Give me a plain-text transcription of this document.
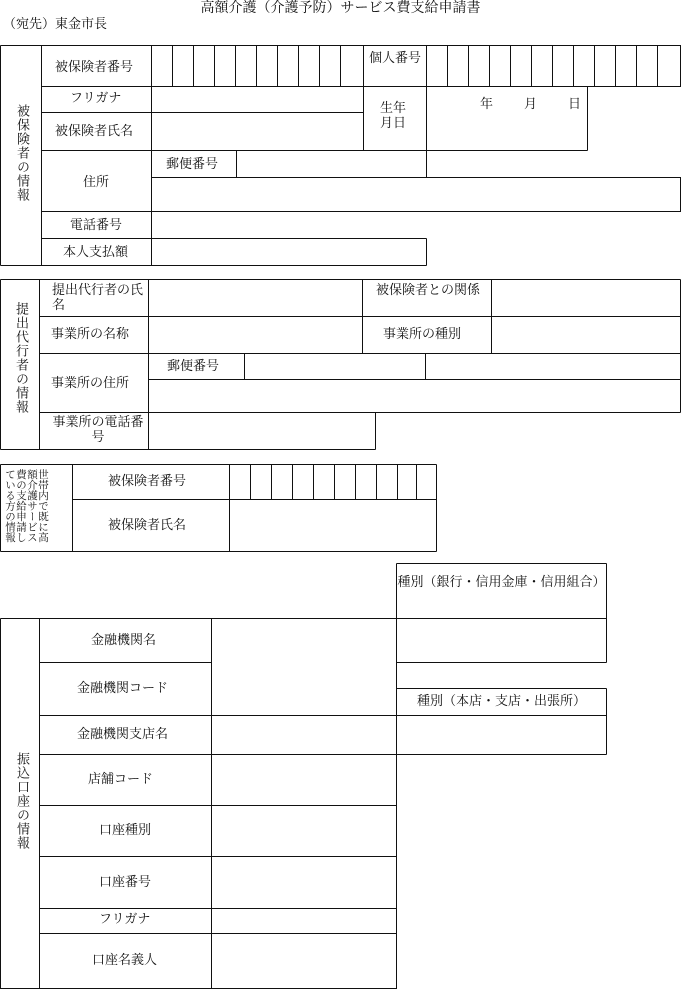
高額介護（介護予防）サービス費支給申請書
（宛先）東金市長
被保険者の情報
被保険者番号
個人番号
フリガナ
生年月日
年 月 日
被保険者氏名
住所
郵便番号
電話番号
本人支払額
提出代行者の情報
提出代行者の氏名
被保険者との関係
事業所の名称	事業所の種別
事業所の住所
郵便番号
事業所の電話番号
世帯内で既に高額介護サービス費の支給申請している方の情報	被保険者番号
被保険者氏名
種別（銀行・信用金庫・信用組合）
振込口座の情報
金融機関名
金融機関コード
種別（本店・支店・出張所）
金融機関支店名
店舗コード
口座種別
口座番号
フリガナ
口座名義人
